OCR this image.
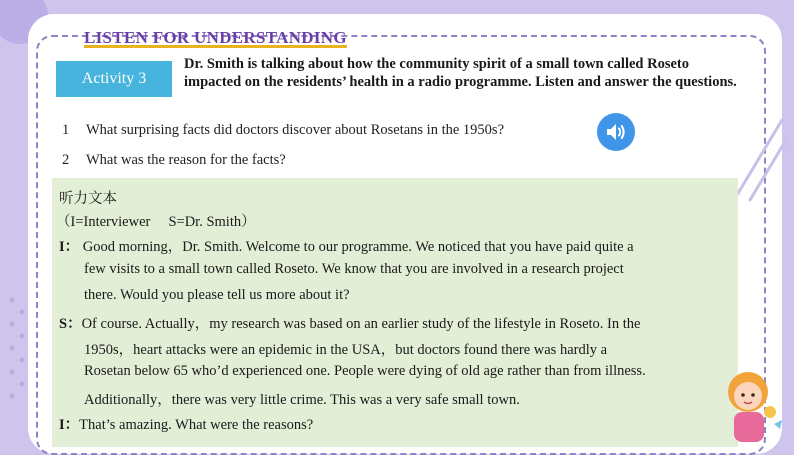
LISTEN FOR UNDERSTANDING
Activity 3

Dr. Smith is talking about how the community spirit of a small town called Roseto impacted on the residents’ health in a radio programme. Listen and answer the questions.

1 What surprising facts did doctors discover about Rosetans in the 1950s?
2 What was the reason for the facts?
听力文本
（I=Interviewer　 S=Dr. Smith）
I： Good morning，Dr. Smith. Welcome to our programme. We noticed that you have paid quite a
few visits to a small town called Roseto. We know that you are involved in a research project
there. Would you please tell us more about it?
S：Of course. Actually，my research was based on an earlier study of the lifestyle in Roseto. In the
1950s，heart attacks were an epidemic in the USA，but doctors found there was hardly a
Rosetan below 65 who’d experienced one. People were dying of old age rather than from illness.
Additionally，there was very little crime. This was a very safe small town.
I：That’s amazing. What were the reasons?
